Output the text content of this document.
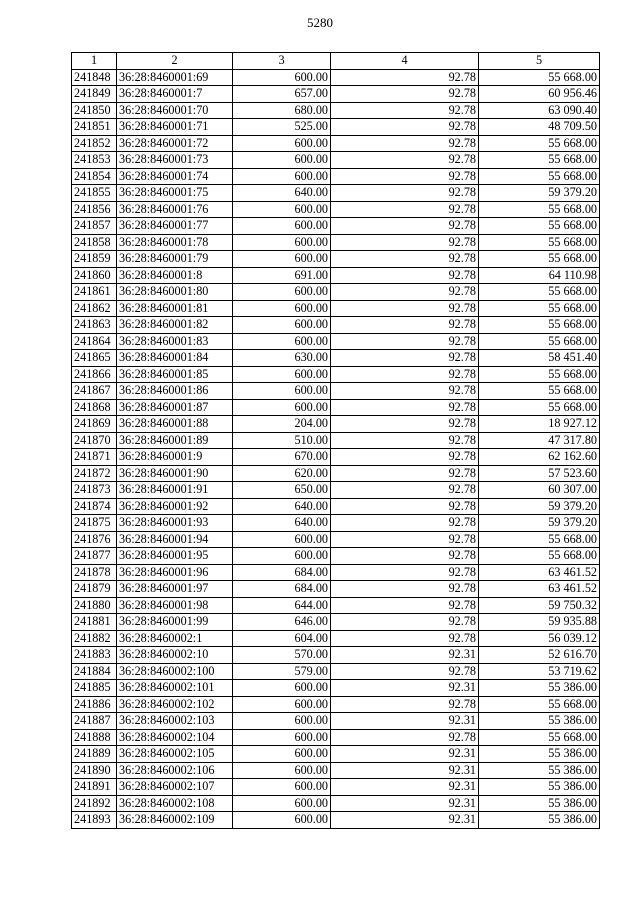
5280
1	2	3	4	5
241848	36:28:8460001:69	600.00	92.78	55 668.00
241849	36:28:8460001:7	657.00	92.78	60 956.46
241850	36:28:8460001:70	680.00	92.78	63 090.40
241851	36:28:8460001:71	525.00	92.78	48 709.50
241852	36:28:8460001:72	600.00	92.78	55 668.00
241853	36:28:8460001:73	600.00	92.78	55 668.00
241854	36:28:8460001:74	600.00	92.78	55 668.00
241855	36:28:8460001:75	640.00	92.78	59 379.20
241856	36:28:8460001:76	600.00	92.78	55 668.00
241857	36:28:8460001:77	600.00	92.78	55 668.00
241858	36:28:8460001:78	600.00	92.78	55 668.00
241859	36:28:8460001:79	600.00	92.78	55 668.00
241860	36:28:8460001:8	691.00	92.78	64 110.98
241861	36:28:8460001:80	600.00	92.78	55 668.00
241862	36:28:8460001:81	600.00	92.78	55 668.00
241863	36:28:8460001:82	600.00	92.78	55 668.00
241864	36:28:8460001:83	600.00	92.78	55 668.00
241865	36:28:8460001:84	630.00	92.78	58 451.40
241866	36:28:8460001:85	600.00	92.78	55 668.00
241867	36:28:8460001:86	600.00	92.78	55 668.00
241868	36:28:8460001:87	600.00	92.78	55 668.00
241869	36:28:8460001:88	204.00	92.78	18 927.12
241870	36:28:8460001:89	510.00	92.78	47 317.80
241871	36:28:8460001:9	670.00	92.78	62 162.60
241872	36:28:8460001:90	620.00	92.78	57 523.60
241873	36:28:8460001:91	650.00	92.78	60 307.00
241874	36:28:8460001:92	640.00	92.78	59 379.20
241875	36:28:8460001:93	640.00	92.78	59 379.20
241876	36:28:8460001:94	600.00	92.78	55 668.00
241877	36:28:8460001:95	600.00	92.78	55 668.00
241878	36:28:8460001:96	684.00	92.78	63 461.52
241879	36:28:8460001:97	684.00	92.78	63 461.52
241880	36:28:8460001:98	644.00	92.78	59 750.32
241881	36:28:8460001:99	646.00	92.78	59 935.88
241882	36:28:8460002:1	604.00	92.78	56 039.12
241883	36:28:8460002:10	570.00	92.31	52 616.70
241884	36:28:8460002:100	579.00	92.78	53 719.62
241885	36:28:8460002:101	600.00	92.31	55 386.00
241886	36:28:8460002:102	600.00	92.78	55 668.00
241887	36:28:8460002:103	600.00	92.31	55 386.00
241888	36:28:8460002:104	600.00	92.78	55 668.00
241889	36:28:8460002:105	600.00	92.31	55 386.00
241890	36:28:8460002:106	600.00	92.31	55 386.00
241891	36:28:8460002:107	600.00	92.31	55 386.00
241892	36:28:8460002:108	600.00	92.31	55 386.00
241893	36:28:8460002:109	600.00	92.31	55 386.00
